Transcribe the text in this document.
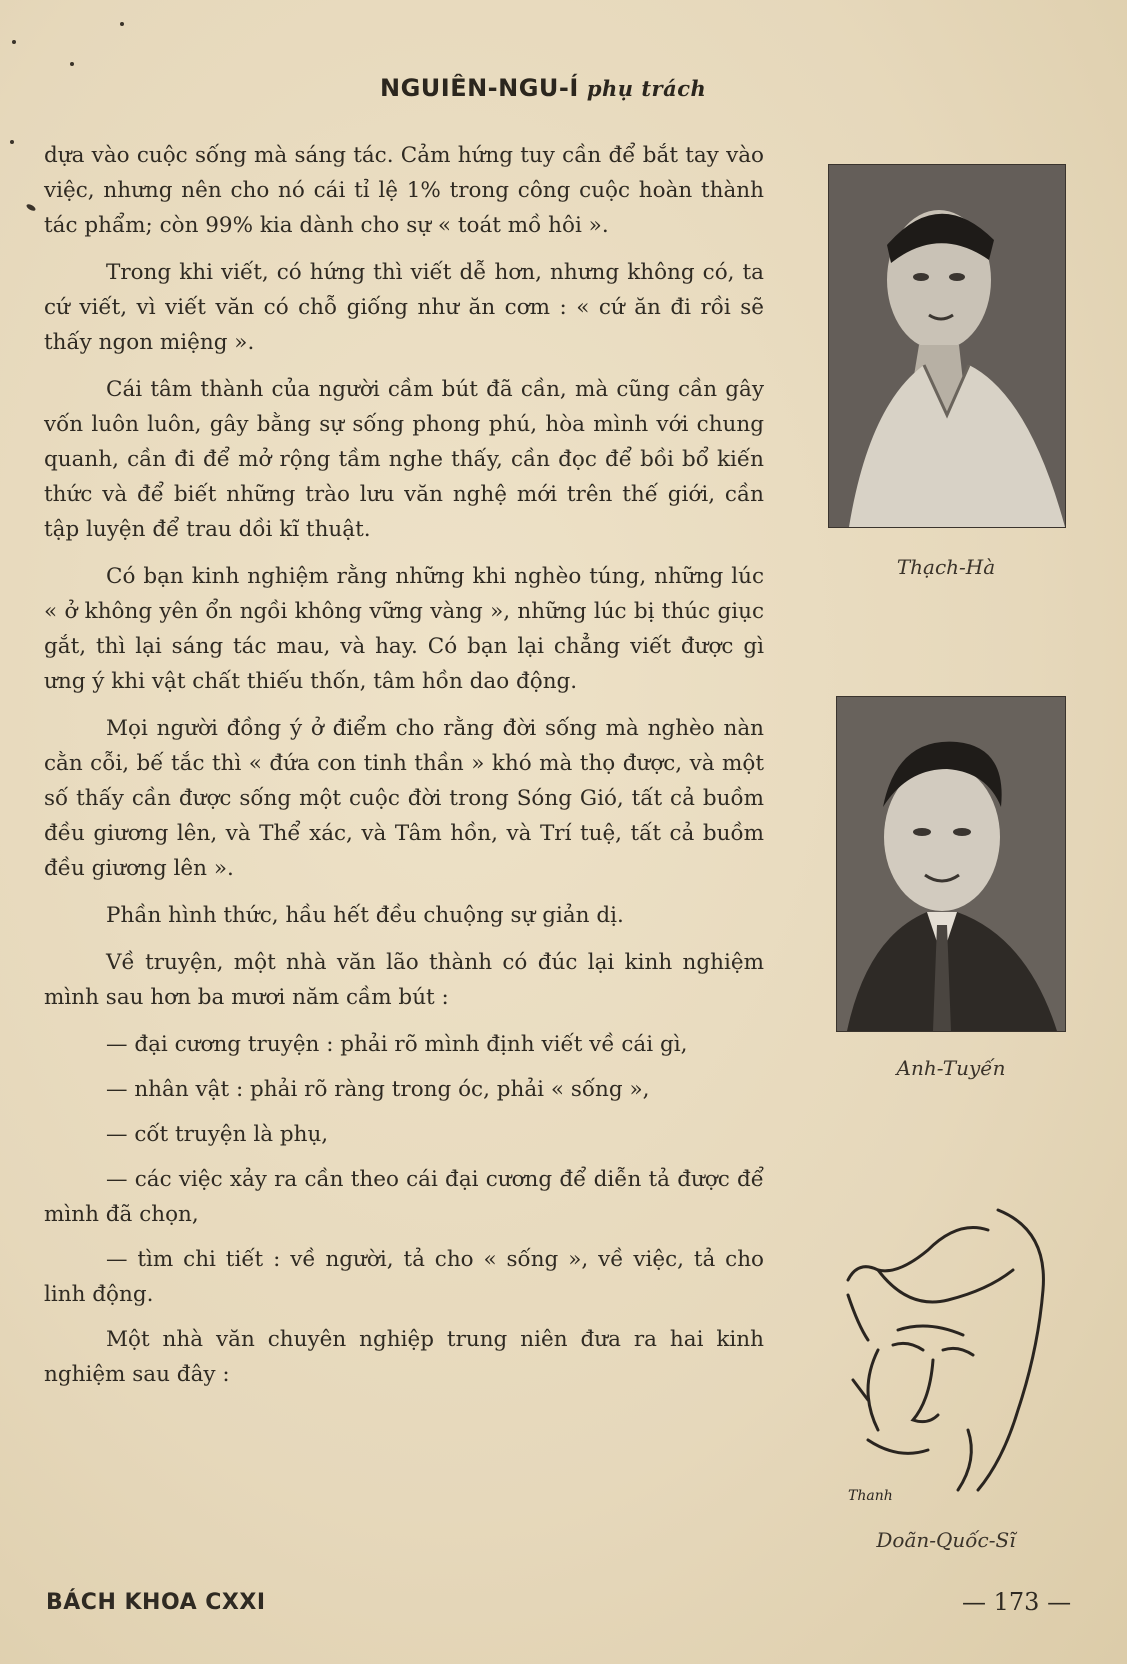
NGUIÊN-NGU-Í phụ trách

dựa vào cuộc sống mà sáng tác. Cảm hứng tuy cần để bắt tay vào việc, nhưng nên cho nó cái tỉ lệ 1% trong công cuộc hoàn thành tác phẩm; còn 99% kia dành cho sự « toát mồ hôi ».

Trong khi viết, có hứng thì viết dễ hơn, nhưng không có, ta cứ viết, vì viết văn có chỗ giống như ăn cơm : « cứ ăn đi rồi sẽ thấy ngon miệng ».

Cái tâm thành của người cầm bút đã cần, mà cũng cần gây vốn luôn luôn, gây bằng sự sống phong phú, hòa mình với chung quanh, cần đi để mở rộng tầm nghe thấy, cần đọc để bồi bổ kiến thức và để biết những trào lưu văn nghệ mới trên thế giới, cần tập luyện để trau dồi kĩ thuật.

Có bạn kinh nghiệm rằng những khi nghèo túng, những lúc « ở không yên ổn ngồi không vững vàng », những lúc bị thúc giục gắt, thì lại sáng tác mau, và hay. Có bạn lại chẳng viết được gì ưng ý khi vật chất thiếu thốn, tâm hồn dao động.

Mọi người đồng ý ở điểm cho rằng đời sống mà nghèo nàn cằn cỗi, bế tắc thì « đứa con tinh thần » khó mà thọ được, và một số thấy cần được sống một cuộc đời trong Sóng Gió, tất cả buồm đều giương lên, và Thể xác, và Tâm hồn, và Trí tuệ, tất cả buồm đều giương lên ».

Phần hình thức, hầu hết đều chuộng sự giản dị.

Về truyện, một nhà văn lão thành có đúc lại kinh nghiệm mình sau hơn ba mươi năm cầm bút :

— đại cương truyện : phải rõ mình định viết về cái gì,

— nhân vật : phải rõ ràng trong óc, phải « sống »,

— cốt truyện là phụ,

— các việc xảy ra cần theo cái đại cương để diễn tả được để mình đã chọn,

— tìm chi tiết : về người, tả cho « sống », về việc, tả cho linh động.

Một nhà văn chuyên nghiệp trung niên đưa ra hai kinh nghiệm sau đây :

Thạch-Hà
Anh-Tuyến
Thanh
Doãn-Quốc-Sĩ
BÁCH KHOA CXXI	— 173 —
